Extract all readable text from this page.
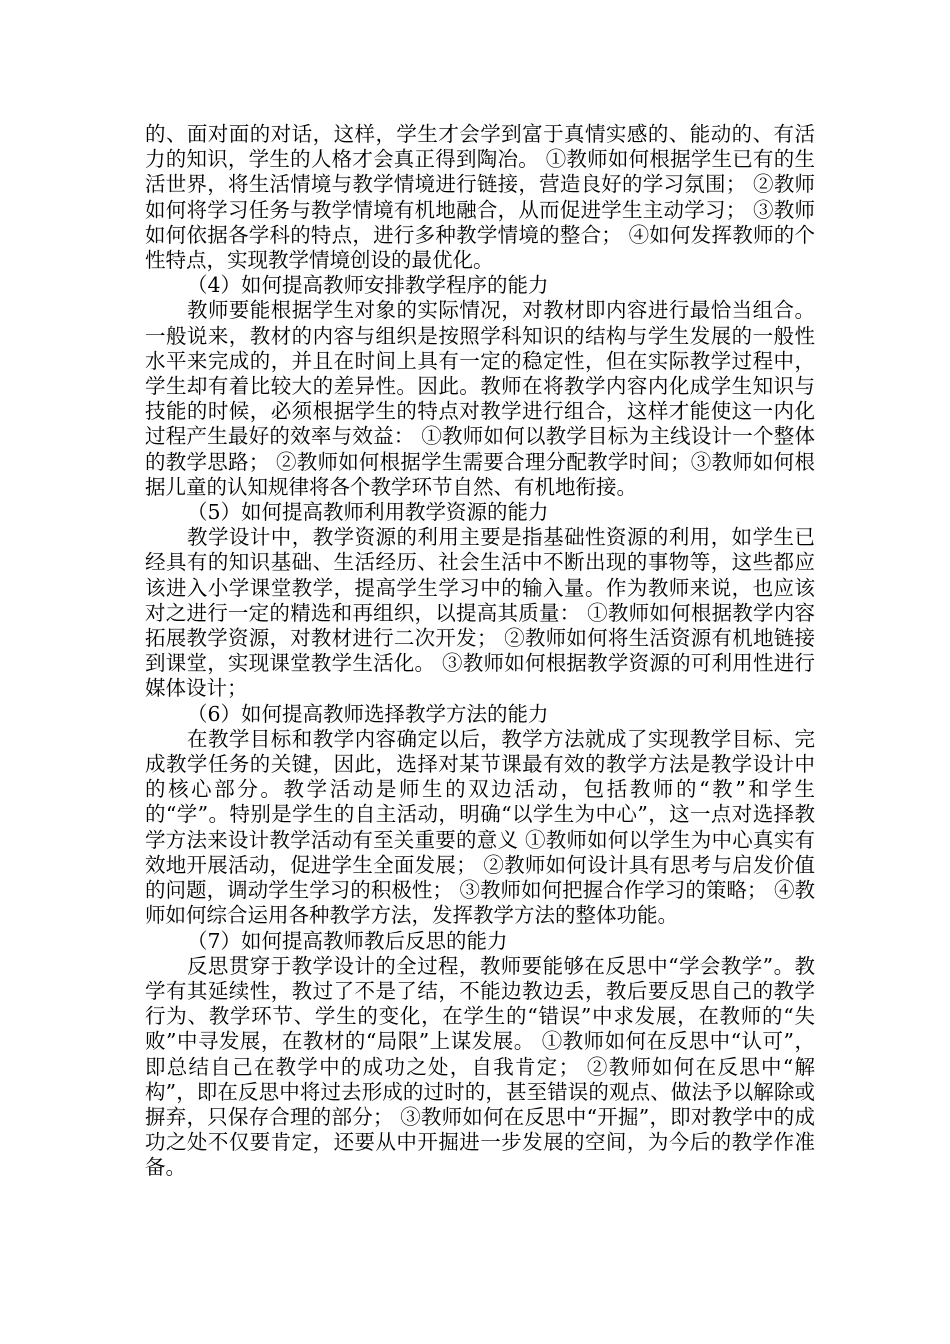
的、面对面的对话，这样，学生才会学到富于真情实感的、能动的、有活力的知识，学生的人格才会真正得到陶冶。 ①教师如何根据学生已有的生活世界，将生活情境与教学情境进行链接，营造良好的学习氛围； ②教师如何将学习任务与教学情境有机地融合，从而促进学生主动学习； ③教师如何依据各学科的特点，进行多种教学情境的整合； ④如何发挥教师的个性特点，实现教学情境创设的最优化。

（4）如何提高教师安排教学程序的能力

教师要能根据学生对象的实际情况，对教材即内容进行最恰当组合。一般说来，教材的内容与组织是按照学科知识的结构与学生发展的一般性水平来完成的，并且在时间上具有一定的稳定性，但在实际教学过程中，学生却有着比较大的差异性。因此。教师在将教学内容内化成学生知识与技能的时候，必须根据学生的特点对教学进行组合，这样才能使这一内化过程产生最好的效率与效益： ①教师如何以教学目标为主线设计一个整体的教学思路； ②教师如何根据学生需要合理分配教学时间；③教师如何根据儿童的认知规律将各个教学环节自然、有机地衔接。

（5）如何提高教师利用教学资源的能力

教学设计中，教学资源的利用主要是指基础性资源的利用，如学生已经具有的知识基础、生活经历、社会生活中不断出现的事物等，这些都应该进入小学课堂教学，提高学生学习中的输入量。作为教师来说，也应该对之进行一定的精选和再组织，以提高其质量： ①教师如何根据教学内容拓展教学资源，对教材进行二次开发； ②教师如何将生活资源有机地链接到课堂，实现课堂教学生活化。 ③教师如何根据教学资源的可利用性进行媒体设计；

（6）如何提高教师选择教学方法的能力

在教学目标和教学内容确定以后，教学方法就成了实现教学目标、完成教学任务的关键，因此，选择对某节课最有效的教学方法是教学设计中的核心部分。教学活动是师生的双边活动，包括教师的“教”和学生的“学”。特别是学生的自主活动，明确“以学生为中心”，这一点对选择教学方法来设计教学活动有至关重要的意义 ①教师如何以学生为中心真实有效地开展活动，促进学生全面发展； ②教师如何设计具有思考与启发价值的问题，调动学生学习的积极性； ③教师如何把握合作学习的策略； ④教师如何综合运用各种教学方法，发挥教学方法的整体功能。

（7）如何提高教师教后反思的能力

反思贯穿于教学设计的全过程，教师要能够在反思中“学会教学”。教学有其延续性，教过了不是了结，不能边教边丢，教后要反思自己的教学行为、教学环节、学生的变化，在学生的“错误”中求发展，在教师的“失败”中寻发展，在教材的“局限”上谋发展。 ①教师如何在反思中“认可”，即总结自己在教学中的成功之处，自我肯定； ②教师如何在反思中“解构”，即在反思中将过去形成的过时的，甚至错误的观点、做法予以解除或摒弃，只保存合理的部分； ③教师如何在反思中“开掘”，即对教学中的成功之处不仅要肯定，还要从中开掘进一步发展的空间，为今后的教学作准备。
